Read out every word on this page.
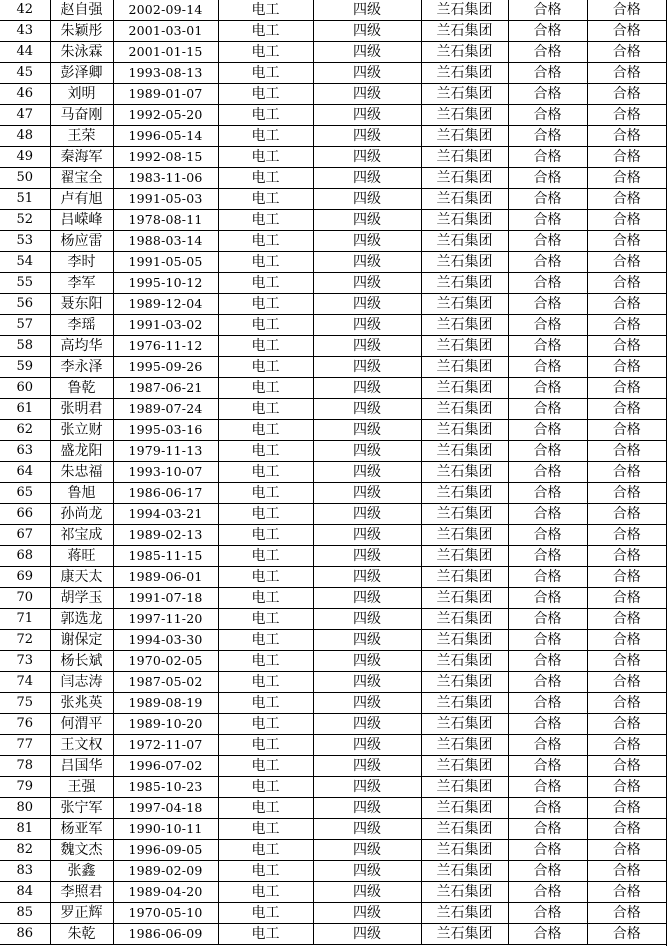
42	赵自强	2002-09-14	电工	四级	兰石集团	合格	合格
43	朱颖彤	2001-03-01	电工	四级	兰石集团	合格	合格
44	朱泳霖	2001-01-15	电工	四级	兰石集团	合格	合格
45	彭泽卿	1993-08-13	电工	四级	兰石集团	合格	合格
46	刘明	1989-01-07	电工	四级	兰石集团	合格	合格
47	马奋刚	1992-05-20	电工	四级	兰石集团	合格	合格
48	王荣	1996-05-14	电工	四级	兰石集团	合格	合格
49	秦海军	1992-08-15	电工	四级	兰石集团	合格	合格
50	翟宝全	1983-11-06	电工	四级	兰石集团	合格	合格
51	卢有旭	1991-05-03	电工	四级	兰石集团	合格	合格
52	吕嵘峰	1978-08-11	电工	四级	兰石集团	合格	合格
53	杨应雷	1988-03-14	电工	四级	兰石集团	合格	合格
54	李时	1991-05-05	电工	四级	兰石集团	合格	合格
55	李军	1995-10-12	电工	四级	兰石集团	合格	合格
56	聂东阳	1989-12-04	电工	四级	兰石集团	合格	合格
57	李瑶	1991-03-02	电工	四级	兰石集团	合格	合格
58	高均华	1976-11-12	电工	四级	兰石集团	合格	合格
59	李永泽	1995-09-26	电工	四级	兰石集团	合格	合格
60	鲁乾	1987-06-21	电工	四级	兰石集团	合格	合格
61	张明君	1989-07-24	电工	四级	兰石集团	合格	合格
62	张立财	1995-03-16	电工	四级	兰石集团	合格	合格
63	盛龙阳	1979-11-13	电工	四级	兰石集团	合格	合格
64	朱忠福	1993-10-07	电工	四级	兰石集团	合格	合格
65	鲁旭	1986-06-17	电工	四级	兰石集团	合格	合格
66	孙尚龙	1994-03-21	电工	四级	兰石集团	合格	合格
67	祁宝成	1989-02-13	电工	四级	兰石集团	合格	合格
68	蒋旺	1985-11-15	电工	四级	兰石集团	合格	合格
69	康天太	1989-06-01	电工	四级	兰石集团	合格	合格
70	胡学玉	1991-07-18	电工	四级	兰石集团	合格	合格
71	郭选龙	1997-11-20	电工	四级	兰石集团	合格	合格
72	谢保定	1994-03-30	电工	四级	兰石集团	合格	合格
73	杨长斌	1970-02-05	电工	四级	兰石集团	合格	合格
74	闫志涛	1987-05-02	电工	四级	兰石集团	合格	合格
75	张兆英	1989-08-19	电工	四级	兰石集团	合格	合格
76	何渭平	1989-10-20	电工	四级	兰石集团	合格	合格
77	王文权	1972-11-07	电工	四级	兰石集团	合格	合格
78	吕国华	1996-07-02	电工	四级	兰石集团	合格	合格
79	王强	1985-10-23	电工	四级	兰石集团	合格	合格
80	张宁军	1997-04-18	电工	四级	兰石集团	合格	合格
81	杨亚军	1990-10-11	电工	四级	兰石集团	合格	合格
82	魏文杰	1996-09-05	电工	四级	兰石集团	合格	合格
83	张鑫	1989-02-09	电工	四级	兰石集团	合格	合格
84	李照君	1989-04-20	电工	四级	兰石集团	合格	合格
85	罗正辉	1970-05-10	电工	四级	兰石集团	合格	合格
86	朱乾	1986-06-09	电工	四级	兰石集团	合格	合格
